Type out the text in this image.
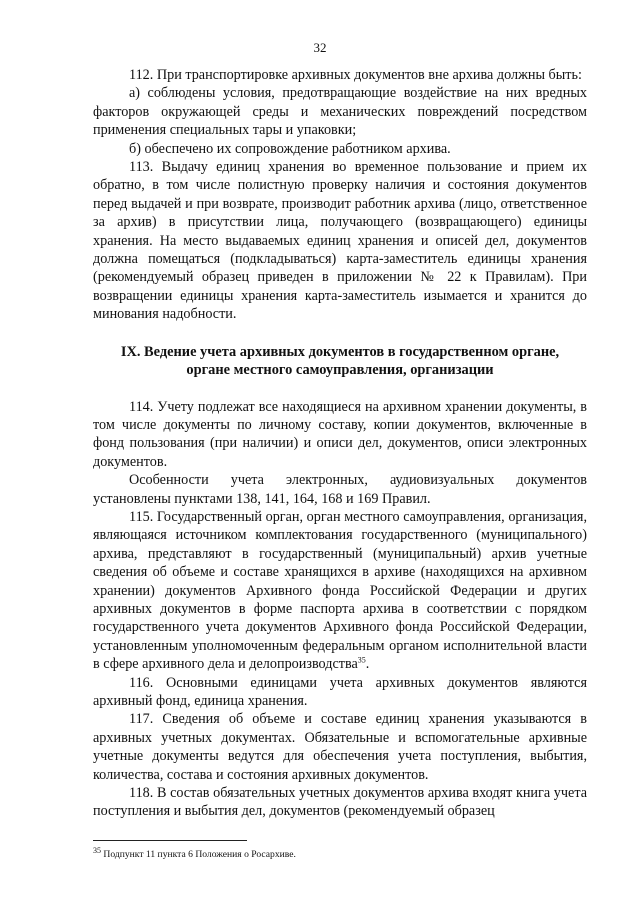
32

112. При транспортировке архивных документов вне архива должны быть:

а) соблюдены условия, предотвращающие воздействие на них вредных факторов окружающей среды и механических повреждений посредством применения специальных тары и упаковки;

б) обеспечено их сопровождение работником архива.

113. Выдачу единиц хранения во временное пользование и прием их обратно, в том числе полистную проверку наличия и состояния документов перед выдачей и при возврате, производит работник архива (лицо, ответственное за архив) в присутствии лица, получающего (возвращающего) единицы хранения. На место выдаваемых единиц хранения и описей дел, документов должна помещаться (подкладываться) карта-заместитель единицы хранения (рекомендуемый образец приведен в приложении № 22 к Правилам). При возвращении единицы хранения карта-заместитель изымается и хранится до минования надобности.

IX. Ведение учета архивных документов в государственном органе,
органе местного самоуправления, организации

114. Учету подлежат все находящиеся на архивном хранении документы, в том числе документы по личному составу, копии документов, включенные в фонд пользования (при наличии) и описи дел, документов, описи электронных документов.

Особенности учета электронных, аудиовизуальных документов установлены пунктами 138, 141, 164, 168 и 169 Правил.

115. Государственный орган, орган местного самоуправления, организация, являющаяся источником комплектования государственного (муниципального) архива, представляют в государственный (муниципальный) архив учетные сведения об объеме и составе хранящихся в архиве (находящихся на архивном хранении) документов Архивного фонда Российской Федерации и других архивных документов в форме паспорта архива в соответствии с порядком государственного учета документов Архивного фонда Российской Федерации, установленным уполномоченным федеральным органом исполнительной власти в сфере архивного дела и делопроизводства$^{35}$.

116. Основными единицами учета архивных документов являются архивный фонд, единица хранения.

117. Сведения об объеме и составе единиц хранения указываются в архивных учетных документах. Обязательные и вспомогательные архивные учетные документы ведутся для обеспечения учета поступления, выбытия, количества, состава и состояния архивных документов.

118. В состав обязательных учетных документов архива входят книга учета поступления и выбытия дел, документов (рекомендуемый образец

$^{35}$ Подпункт 11 пункта 6 Положения о Росархиве.
